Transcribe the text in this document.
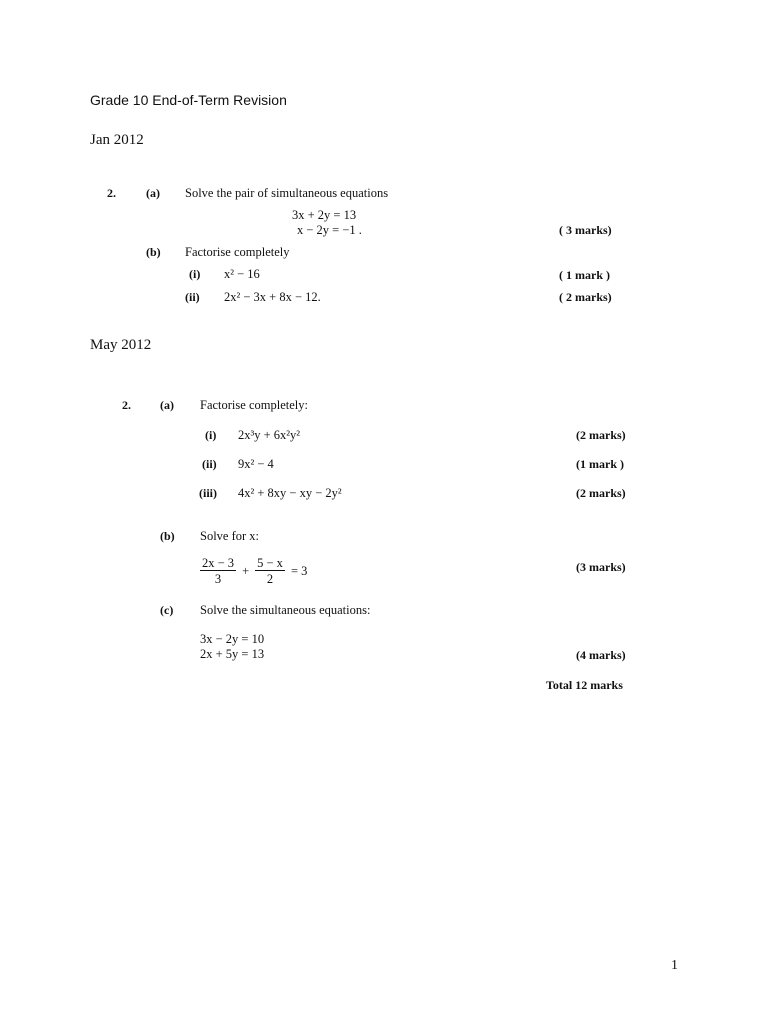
Grade 10 End-of-Term Revision
Jan 2012
2.	(a) Solve the pair of simultaneous equations
3x + 2y = 13
x − 2y = −1 .	( 3 marks)
(b) Factorise completely
(i) x² − 16	( 1 mark )
(ii) 2x² − 3x + 8x − 12.	( 2 marks)
May 2012
2. (a) Factorise completely:
(i) 2x³y + 6x²y²	(2 marks)
(ii) 9x² − 4	(1 mark )
(iii) 4x² + 8xy − xy − 2y²	(2 marks)
(b) Solve for x:
$\frac{2x - 3}{3} + \frac{5 - x}{2} = 3$	(3 marks)
(c) Solve the simultaneous equations:
3x − 2y = 10
2x + 5y = 13	(4 marks)
Total 12 marks
1
